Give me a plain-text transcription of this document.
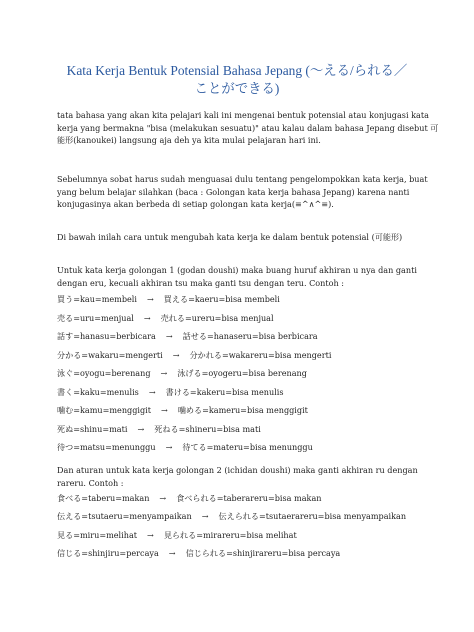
Kata Kerja Bentuk Potensial Bahasa Jepang (〜える/られる／
ことができる)
tata bahasa yang akan kita pelajari kali ini mengenai bentuk potensial atau konjugasi kata
kerja yang bermakna "bisa (melakukan sesuatu)" atau kalau dalam bahasa Jepang disebut 可
能形(kanoukei) langsung aja deh ya kita mulai pelajaran hari ini.
Sebelumnya sobat harus sudah menguasai dulu tentang pengelompokkan kata kerja, buat
yang belum belajar silahkan (baca : Golongan kata kerja bahasa Jepang) karena nanti
konjugasinya akan berbeda di setiap golongan kata kerja(≡^∧^≡).
Di bawah inilah cara untuk mengubah kata kerja ke dalam bentuk potensial (可能形)
Untuk kata kerja golongan 1 (godan doushi) maka buang huruf akhiran u nya dan ganti
dengan eru, kecuali akhiran tsu maka ganti tsu dengan teru. Contoh :
買う=kau=membeli → 買える=kaeru=bisa membeli
売る=uru=menjual → 売れる=ureru=bisa menjual
話す=hanasu=berbicara → 話せる=hanaseru=bisa berbicara
分かる=wakaru=mengerti → 分かれる=wakareru=bisa mengerti
泳ぐ=oyogu=berenang → 泳げる=oyogeru=bisa berenang
書く=kaku=menulis → 書ける=kakeru=bisa menulis
噛む=kamu=menggigit → 噛める=kameru=bisa menggigit
死ぬ=shinu=mati → 死ねる=shineru=bisa mati
待つ=matsu=menunggu → 待てる=materu=bisa menunggu
Dan aturan untuk kata kerja golongan 2 (ichidan doushi) maka ganti akhiran ru dengan
rareru. Contoh :
食べる=taberu=makan → 食べられる=taberareru=bisa makan
伝える=tsutaeru=menyampaikan → 伝えられる=tsutaerareru=bisa menyampaikan
見る=miru=melihat → 見られる=mirareru=bisa melihat
信じる=shinjiru=percaya → 信じられる=shinjirareru=bisa percaya
